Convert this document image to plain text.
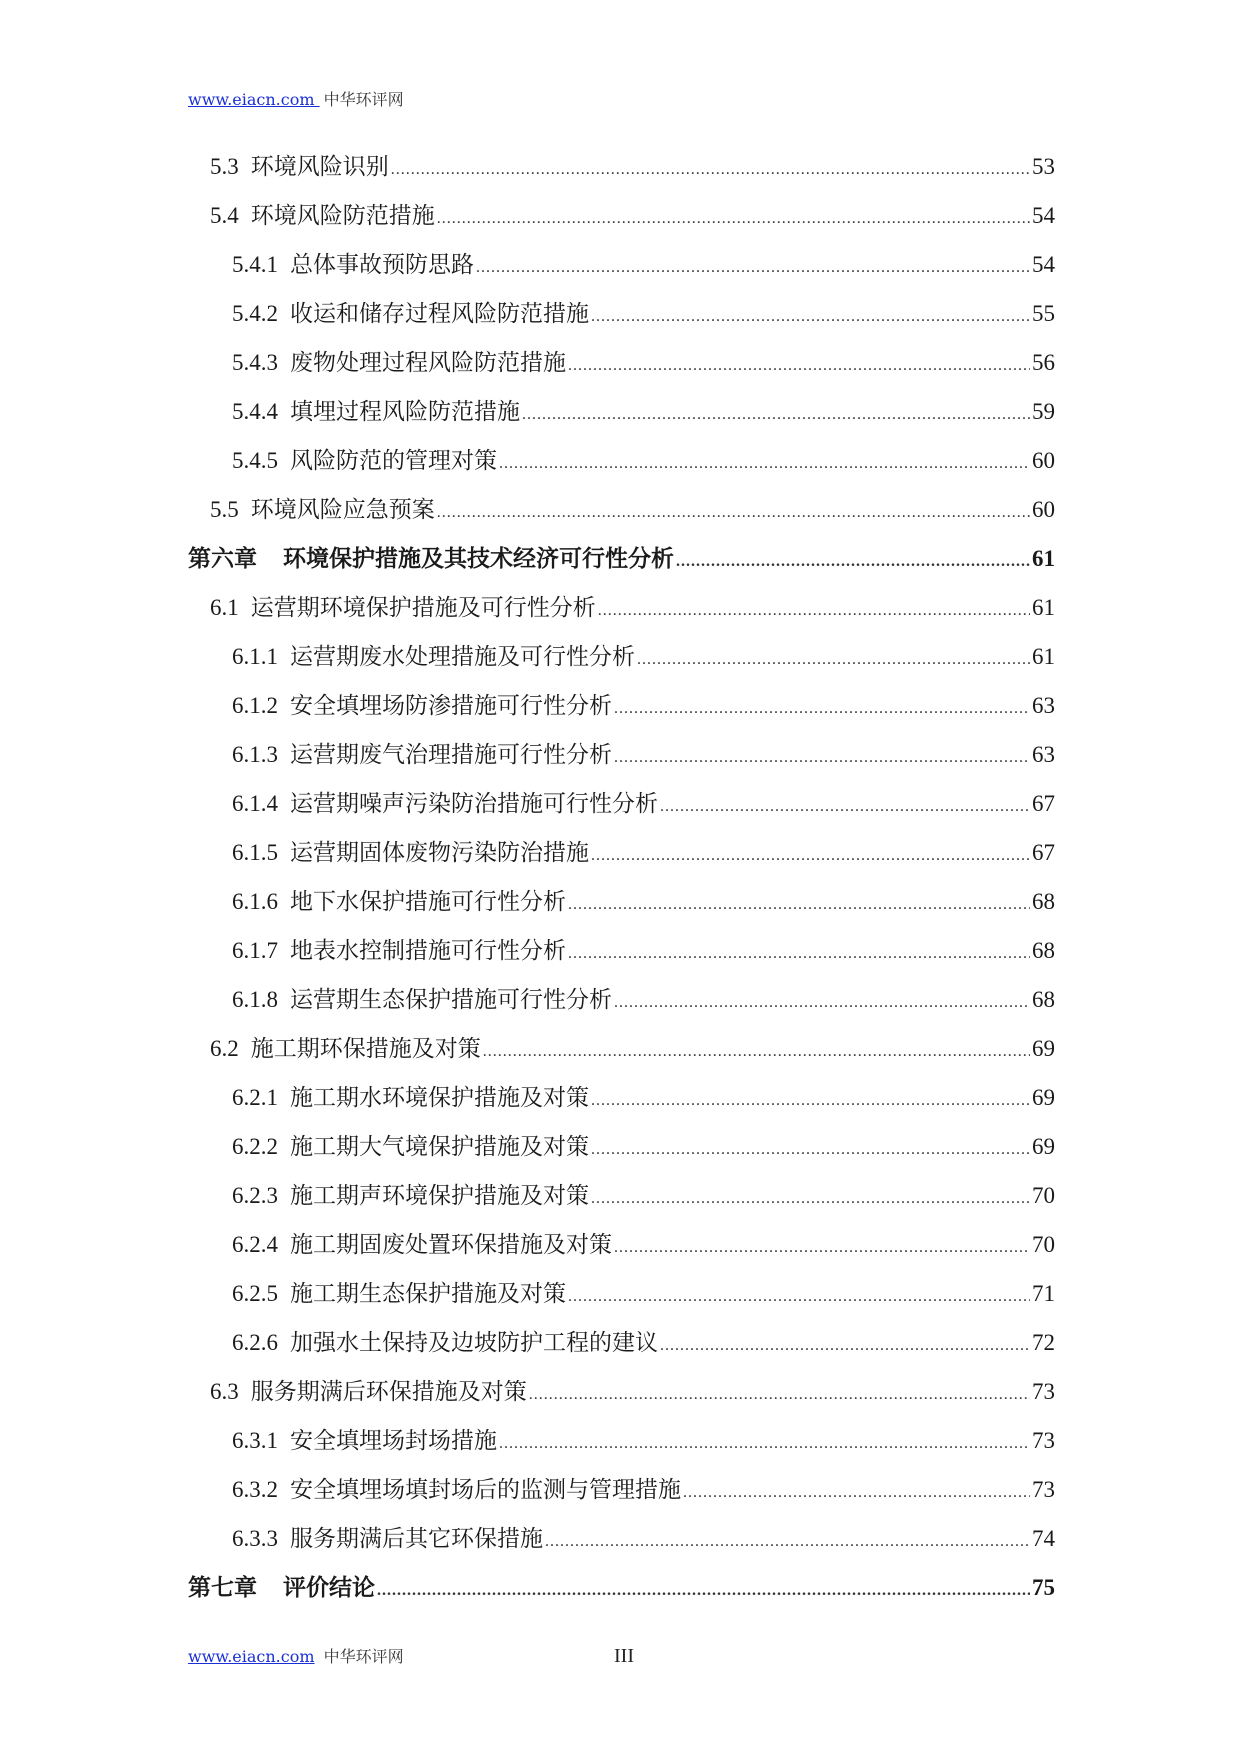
www.eiacn.com 中华环评网
5.3 环境风险识别 .....	53
5.4 环境风险防范措施 .....	54
5.4.1 总体事故预防思路 .....	54
5.4.2 收运和储存过程风险防范措施 .....	55
5.4.3 废物处理过程风险防范措施 .....	56
5.4.4 填埋过程风险防范措施 .....	59
5.4.5 风险防范的管理对策 .....	60
5.5 环境风险应急预案 .....	60
第六章 环境保护措施及其技术经济可行性分析 .....	61
6.1 运营期环境保护措施及可行性分析 .....	61
6.1.1 运营期废水处理措施及可行性分析 .....	61
6.1.2 安全填埋场防渗措施可行性分析 .....	63
6.1.3 运营期废气治理措施可行性分析 .....	63
6.1.4 运营期噪声污染防治措施可行性分析 .....	67
6.1.5 运营期固体废物污染防治措施 .....	67
6.1.6 地下水保护措施可行性分析 .....	68
6.1.7 地表水控制措施可行性分析 .....	68
6.1.8 运营期生态保护措施可行性分析 .....	68
6.2 施工期环保措施及对策 .....	69
6.2.1 施工期水环境保护措施及对策 .....	69
6.2.2 施工期大气境保护措施及对策 .....	69
6.2.3 施工期声环境保护措施及对策 .....	70
6.2.4 施工期固废处置环保措施及对策 .....	70
6.2.5 施工期生态保护措施及对策 .....	71
6.2.6 加强水土保持及边坡防护工程的建议 .....	72
6.3 服务期满后环保措施及对策 .....	73
6.3.1 安全填埋场封场措施 .....	73
6.3.2 安全填埋场填封场后的监测与管理措施 .....	73
6.3.3 服务期满后其它环保措施 .....	74
第七章 评价结论 .....	75
www.eiacn.com 中华环评网	III
